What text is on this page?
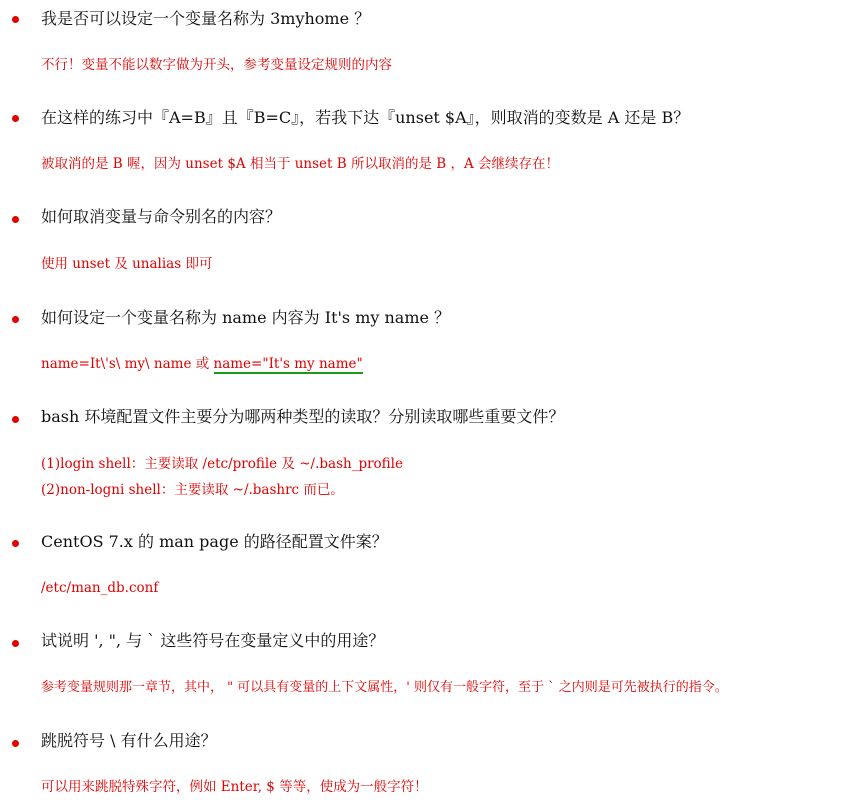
我是否可以设定一个变量名称为 3myhome ？
不行！变量不能以数字做为开头，参考变量设定规则的内容
在这样的练习中『A=B』且『B=C』，若我下达『unset $A』，则取消的变数是 A 还是 B？
被取消的是 B 喔，因为 unset $A 相当于 unset B 所以取消的是 B ，A 会继续存在！
如何取消变量与命令别名的内容？
使用 unset 及 unalias 即可
如何设定一个变量名称为 name 内容为 It's my name ？
name=It\'s\ my\ name 或 name="It's my name"
bash 环境配置文件主要分为哪两种类型的读取？分别读取哪些重要文件？
(1)login shell：主要读取 /etc/profile 及 ~/.bash_profile
(2)non-logni shell：主要读取 ~/.bashrc 而已。
CentOS 7.x 的 man page 的路径配置文件案？
/etc/man_db.conf
试说明 ', ", 与 ` 这些符号在变量定义中的用途？
参考变量规则那一章节，其中， " 可以具有变量的上下文属性，' 则仅有一般字符，至于 ` 之内则是可先被执行的指令。
跳脱符号 \ 有什么用途？
可以用来跳脱特殊字符，例如 Enter, $ 等等，使成为一般字符！
